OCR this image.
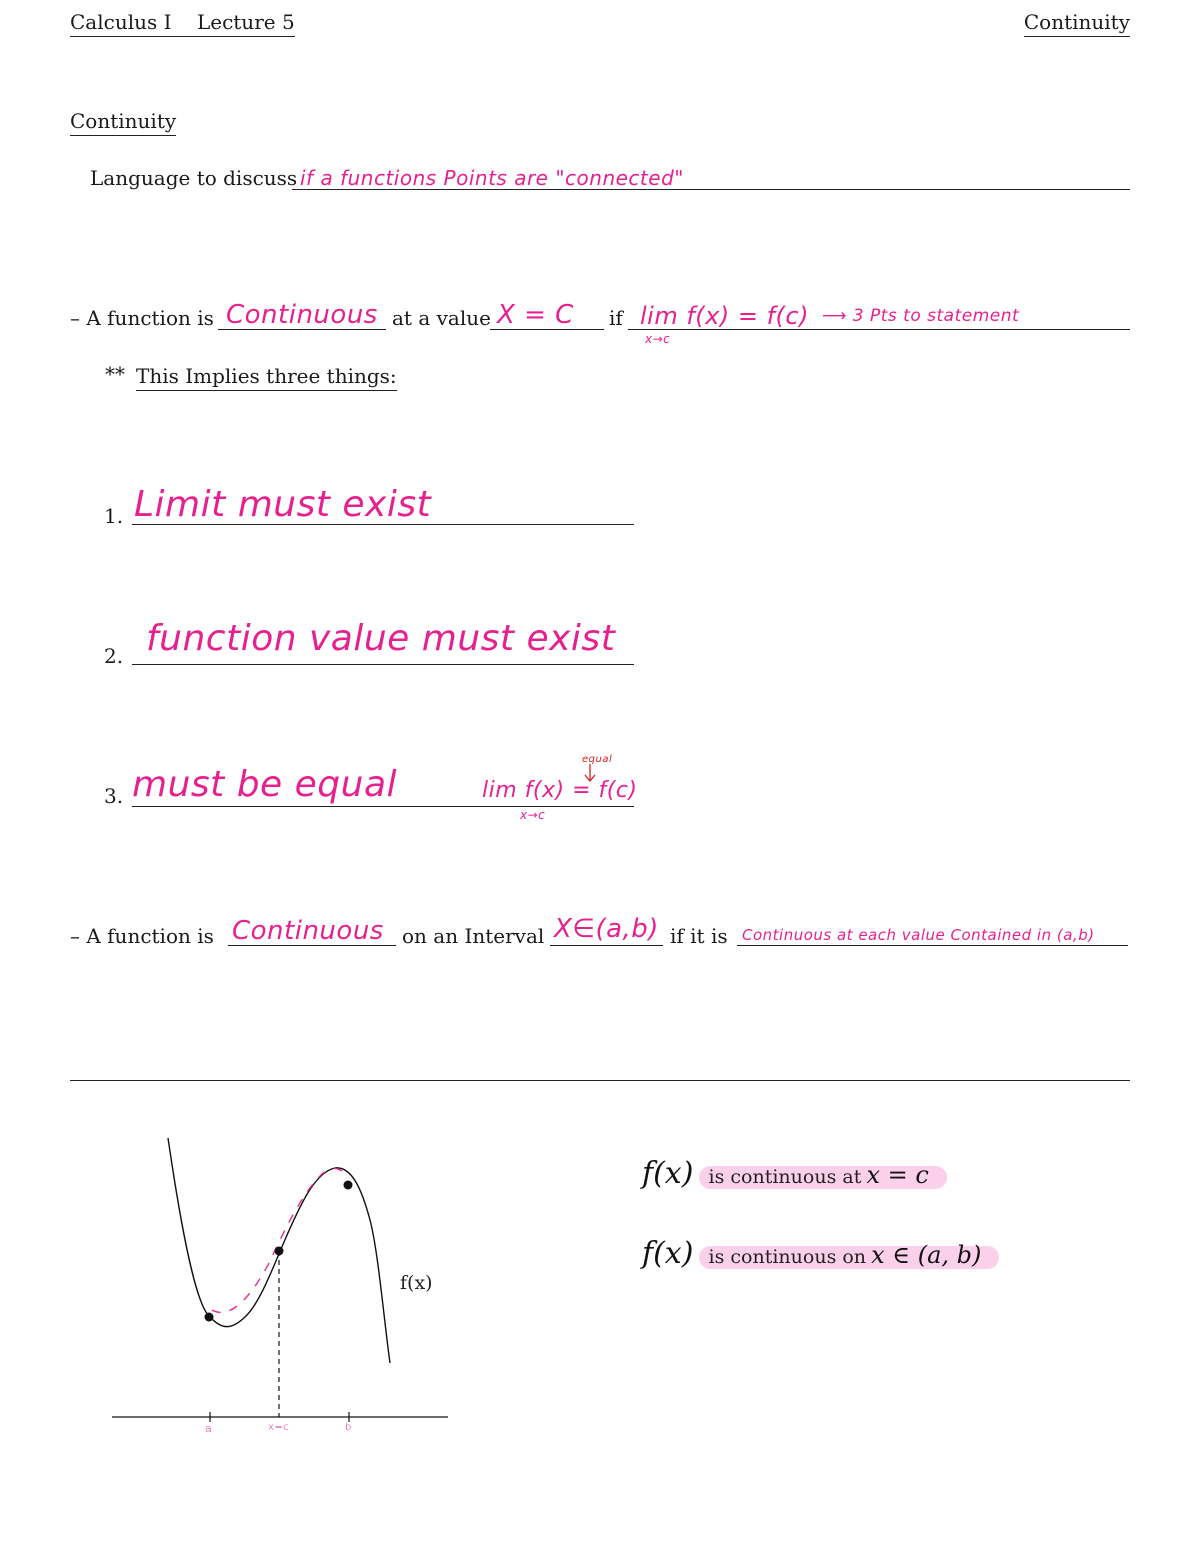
Calculus I Lecture 5	Continuity
Continuity
Language to discuss if a functions Points are "connected"
– A function is Continuous at a value X = C if lim f(x) = f(c)
x→c
⟶ 3 Pts to statement
** This Implies three things:
1. Limit must exist
2. function value must exist
3. must be equal	lim f(x) = f(c)
x→c
equal
– A function is Continuous on an Interval X∈(a,b) if it is Continuous at each value Contained in (a,b)
f(x)
a	x=c	b
f(x) is continuous at x = c
f(x) is continuous on x ∈ (a, b)
